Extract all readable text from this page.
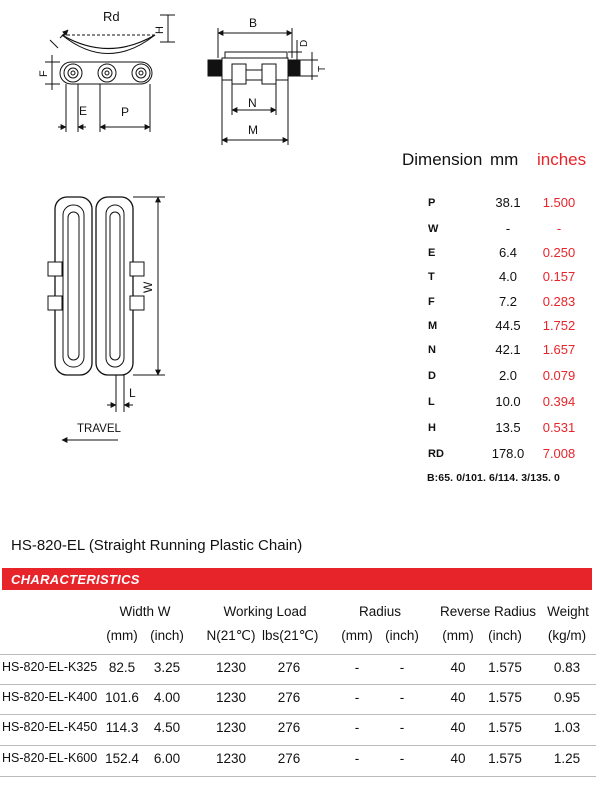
Rd
H
F
E	P
B
D
T
N
M
W
L
TRAVEL
Dimension mm inches
P	38.1	1.500
W	-	-
E	6.4	0.250
T	4.0	0.157
F	7.2	0.283
M	44.5	1.752
N	42.1	1.657
D	2.0	0.079
L	10.0	0.394
H	13.5	0.531
RD	178.0	7.008
B:65. 0/101. 6/114. 3/135. 0
HS-820-EL (Straight Running Plastic Chain)
CHARACTERISTICS
Width W	Working Load	Radius	Reverse Radius Weight
(mm) (inch)	N(21℃) lbs(21℃)	(mm) (inch)	(mm)	(inch)	(kg/m)
HS-820-EL-K325 82.5	3.25	1230	276	-	-	40	1.575	0.83
HS-820-EL-K400 101.6	4.00	1230	276	-	-	40	1.575	0.95
HS-820-EL-K450 114.3	4.50	1230	276	-	-	40	1.575	1.03
HS-820-EL-K600 152.4	6.00	1230	276	-	-	40	1.575	1.25
